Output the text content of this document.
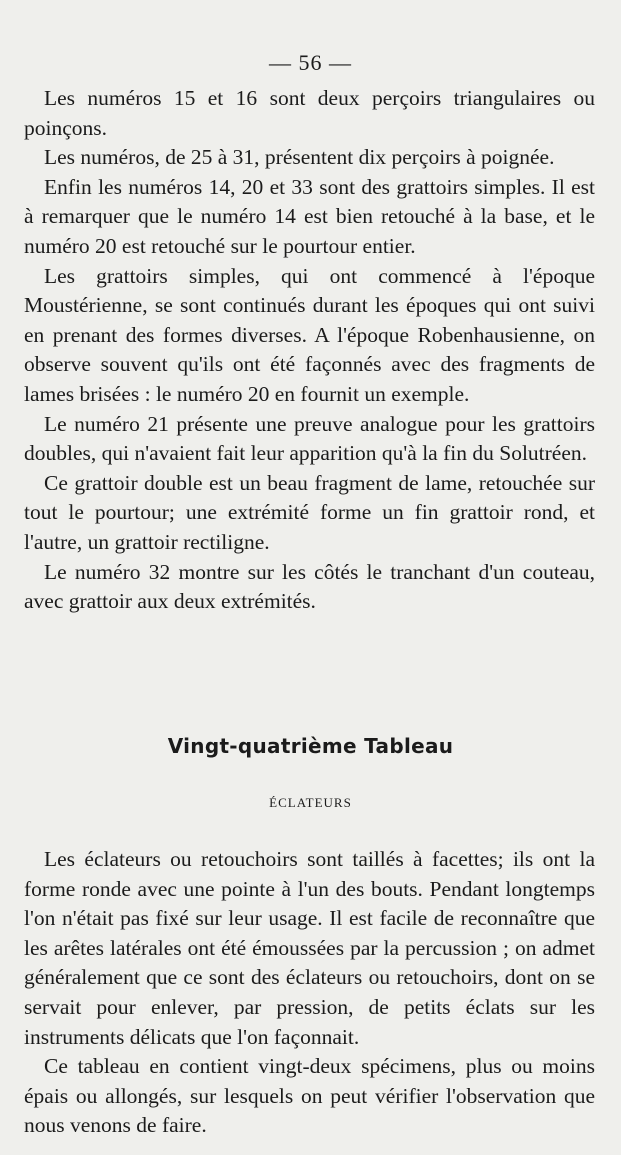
— 56 —

Les numéros 15 et 16 sont deux perçoirs triangulaires ou poinçons.

Les numéros, de 25 à 31, présentent dix perçoirs à poignée.

Enfin les numéros 14, 20 et 33 sont des grattoirs simples. Il est à remarquer que le numéro 14 est bien retouché à la base, et le numéro 20 est retouché sur le pourtour entier.

Les grattoirs simples, qui ont commencé à l'époque Moustérienne, se sont continués durant les époques qui ont suivi en prenant des formes diverses. A l'époque Robenhausienne, on observe souvent qu'ils ont été façonnés avec des fragments de lames brisées : le numéro 20 en fournit un exemple.

Le numéro 21 présente une preuve analogue pour les grattoirs doubles, qui n'avaient fait leur apparition qu'à la fin du Solutréen.

Ce grattoir double est un beau fragment de lame, retouchée sur tout le pourtour; une extrémité forme un fin grattoir rond, et l'autre, un grattoir rectiligne.

Le numéro 32 montre sur les côtés le tranchant d'un couteau, avec grattoir aux deux extrémités.

Vingt-quatrième Tableau
ÉCLATEURS

Les éclateurs ou retouchoirs sont taillés à facettes; ils ont la forme ronde avec une pointe à l'un des bouts. Pendant longtemps l'on n'était pas fixé sur leur usage. Il est facile de reconnaître que les arêtes latérales ont été émoussées par la percussion ; on admet généralement que ce sont des éclateurs ou retouchoirs, dont on se servait pour enlever, par pression, de petits éclats sur les instruments délicats que l'on façonnait.

Ce tableau en contient vingt-deux spécimens, plus ou moins épais ou allongés, sur lesquels on peut vérifier l'observation que nous venons de faire.
